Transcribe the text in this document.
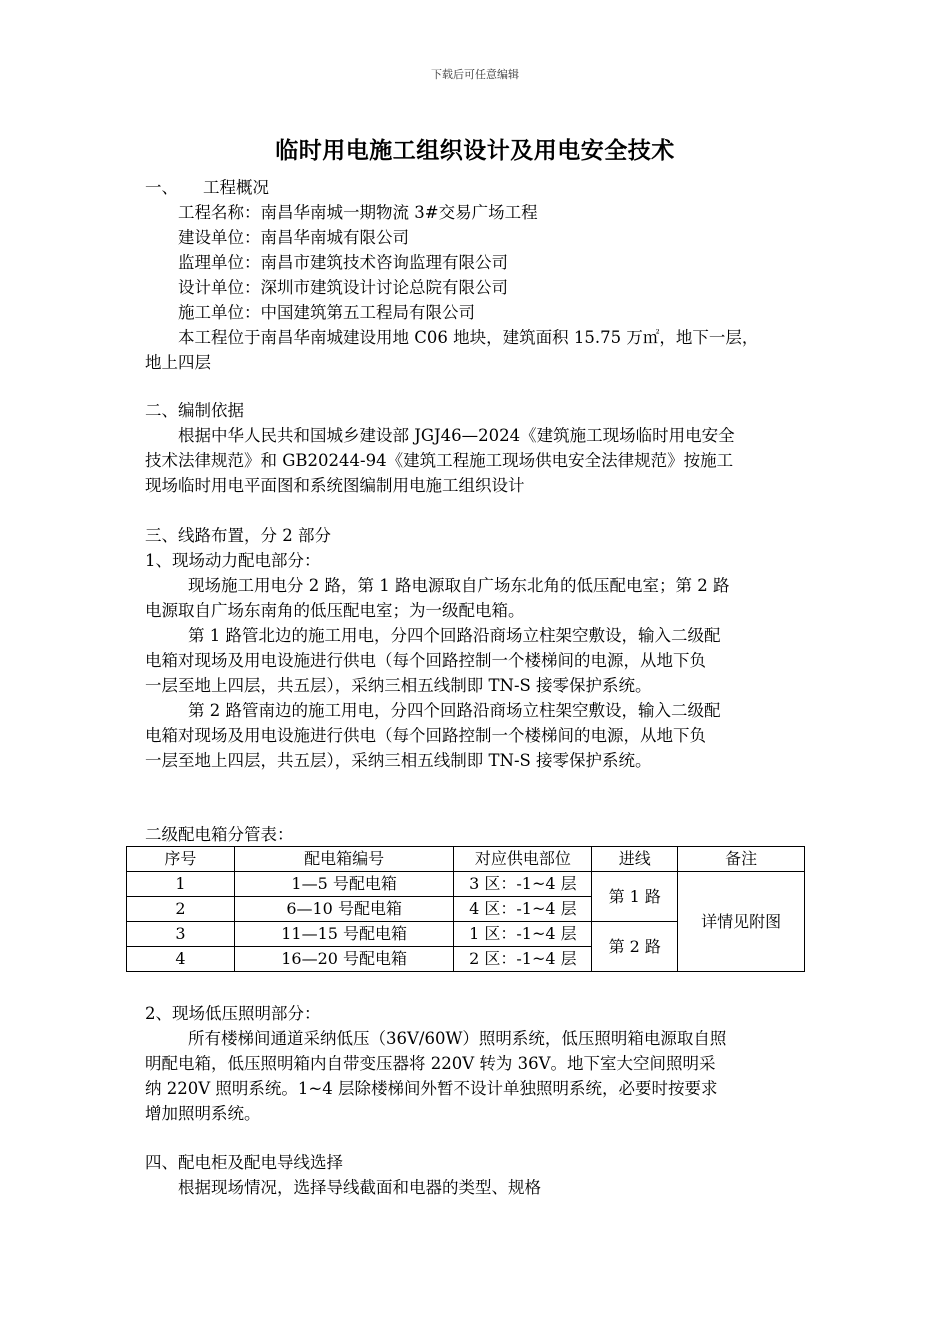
下载后可任意编辑
临时用电施工组织设计及用电安全技术
一、 工程概况
工程名称：南昌华南城一期物流 3#交易广场工程
建设单位：南昌华南城有限公司
监理单位：南昌市建筑技术咨询监理有限公司
设计单位：深圳市建筑设计讨论总院有限公司
施工单位：中国建筑第五工程局有限公司
本工程位于南昌华南城建设用地 C06 地块，建筑面积 15.75 万㎡，地下一层，
地上四层
二、编制依据
根据中华人民共和国城乡建设部 JGJ46—2024《建筑施工现场临时用电安全
技术法律规范》和 GB20244-94《建筑工程施工现场供电安全法律规范》按施工
现场临时用电平面图和系统图编制用电施工组织设计
三、线路布置，分 2 部分
1、现场动力配电部分：
现场施工用电分 2 路，第 1 路电源取自广场东北角的低压配电室；第 2 路
电源取自广场东南角的低压配电室；为一级配电箱。
第 1 路管北边的施工用电，分四个回路沿商场立柱架空敷设，输入二级配
电箱对现场及用电设施进行供电（每个回路控制一个楼梯间的电源，从地下负
一层至地上四层，共五层），采纳三相五线制即 TN-S 接零保护系统。
第 2 路管南边的施工用电，分四个回路沿商场立柱架空敷设，输入二级配
电箱对现场及用电设施进行供电（每个回路控制一个楼梯间的电源，从地下负
一层至地上四层，共五层），采纳三相五线制即 TN-S 接零保护系统。
二级配电箱分管表：
序号	配电箱编号	对应供电部位	进线	备注
1	1—5 号配电箱	3 区：-1~4 层	第 1 路	详情见附图
2	6—10 号配电箱	4 区：-1~4 层		
3	11—15 号配电箱	1 区：-1~4 层	第 2 路	
4	16—20 号配电箱	2 区：-1~4 层		
2、现场低压照明部分：
所有楼梯间通道采纳低压（36V/60W）照明系统，低压照明箱电源取自照
明配电箱，低压照明箱内自带变压器将 220V 转为 36V。地下室大空间照明采
纳 220V 照明系统。1~4 层除楼梯间外暂不设计单独照明系统，必要时按要求
增加照明系统。
四、配电柜及配电导线选择
根据现场情况，选择导线截面和电器的类型、规格
